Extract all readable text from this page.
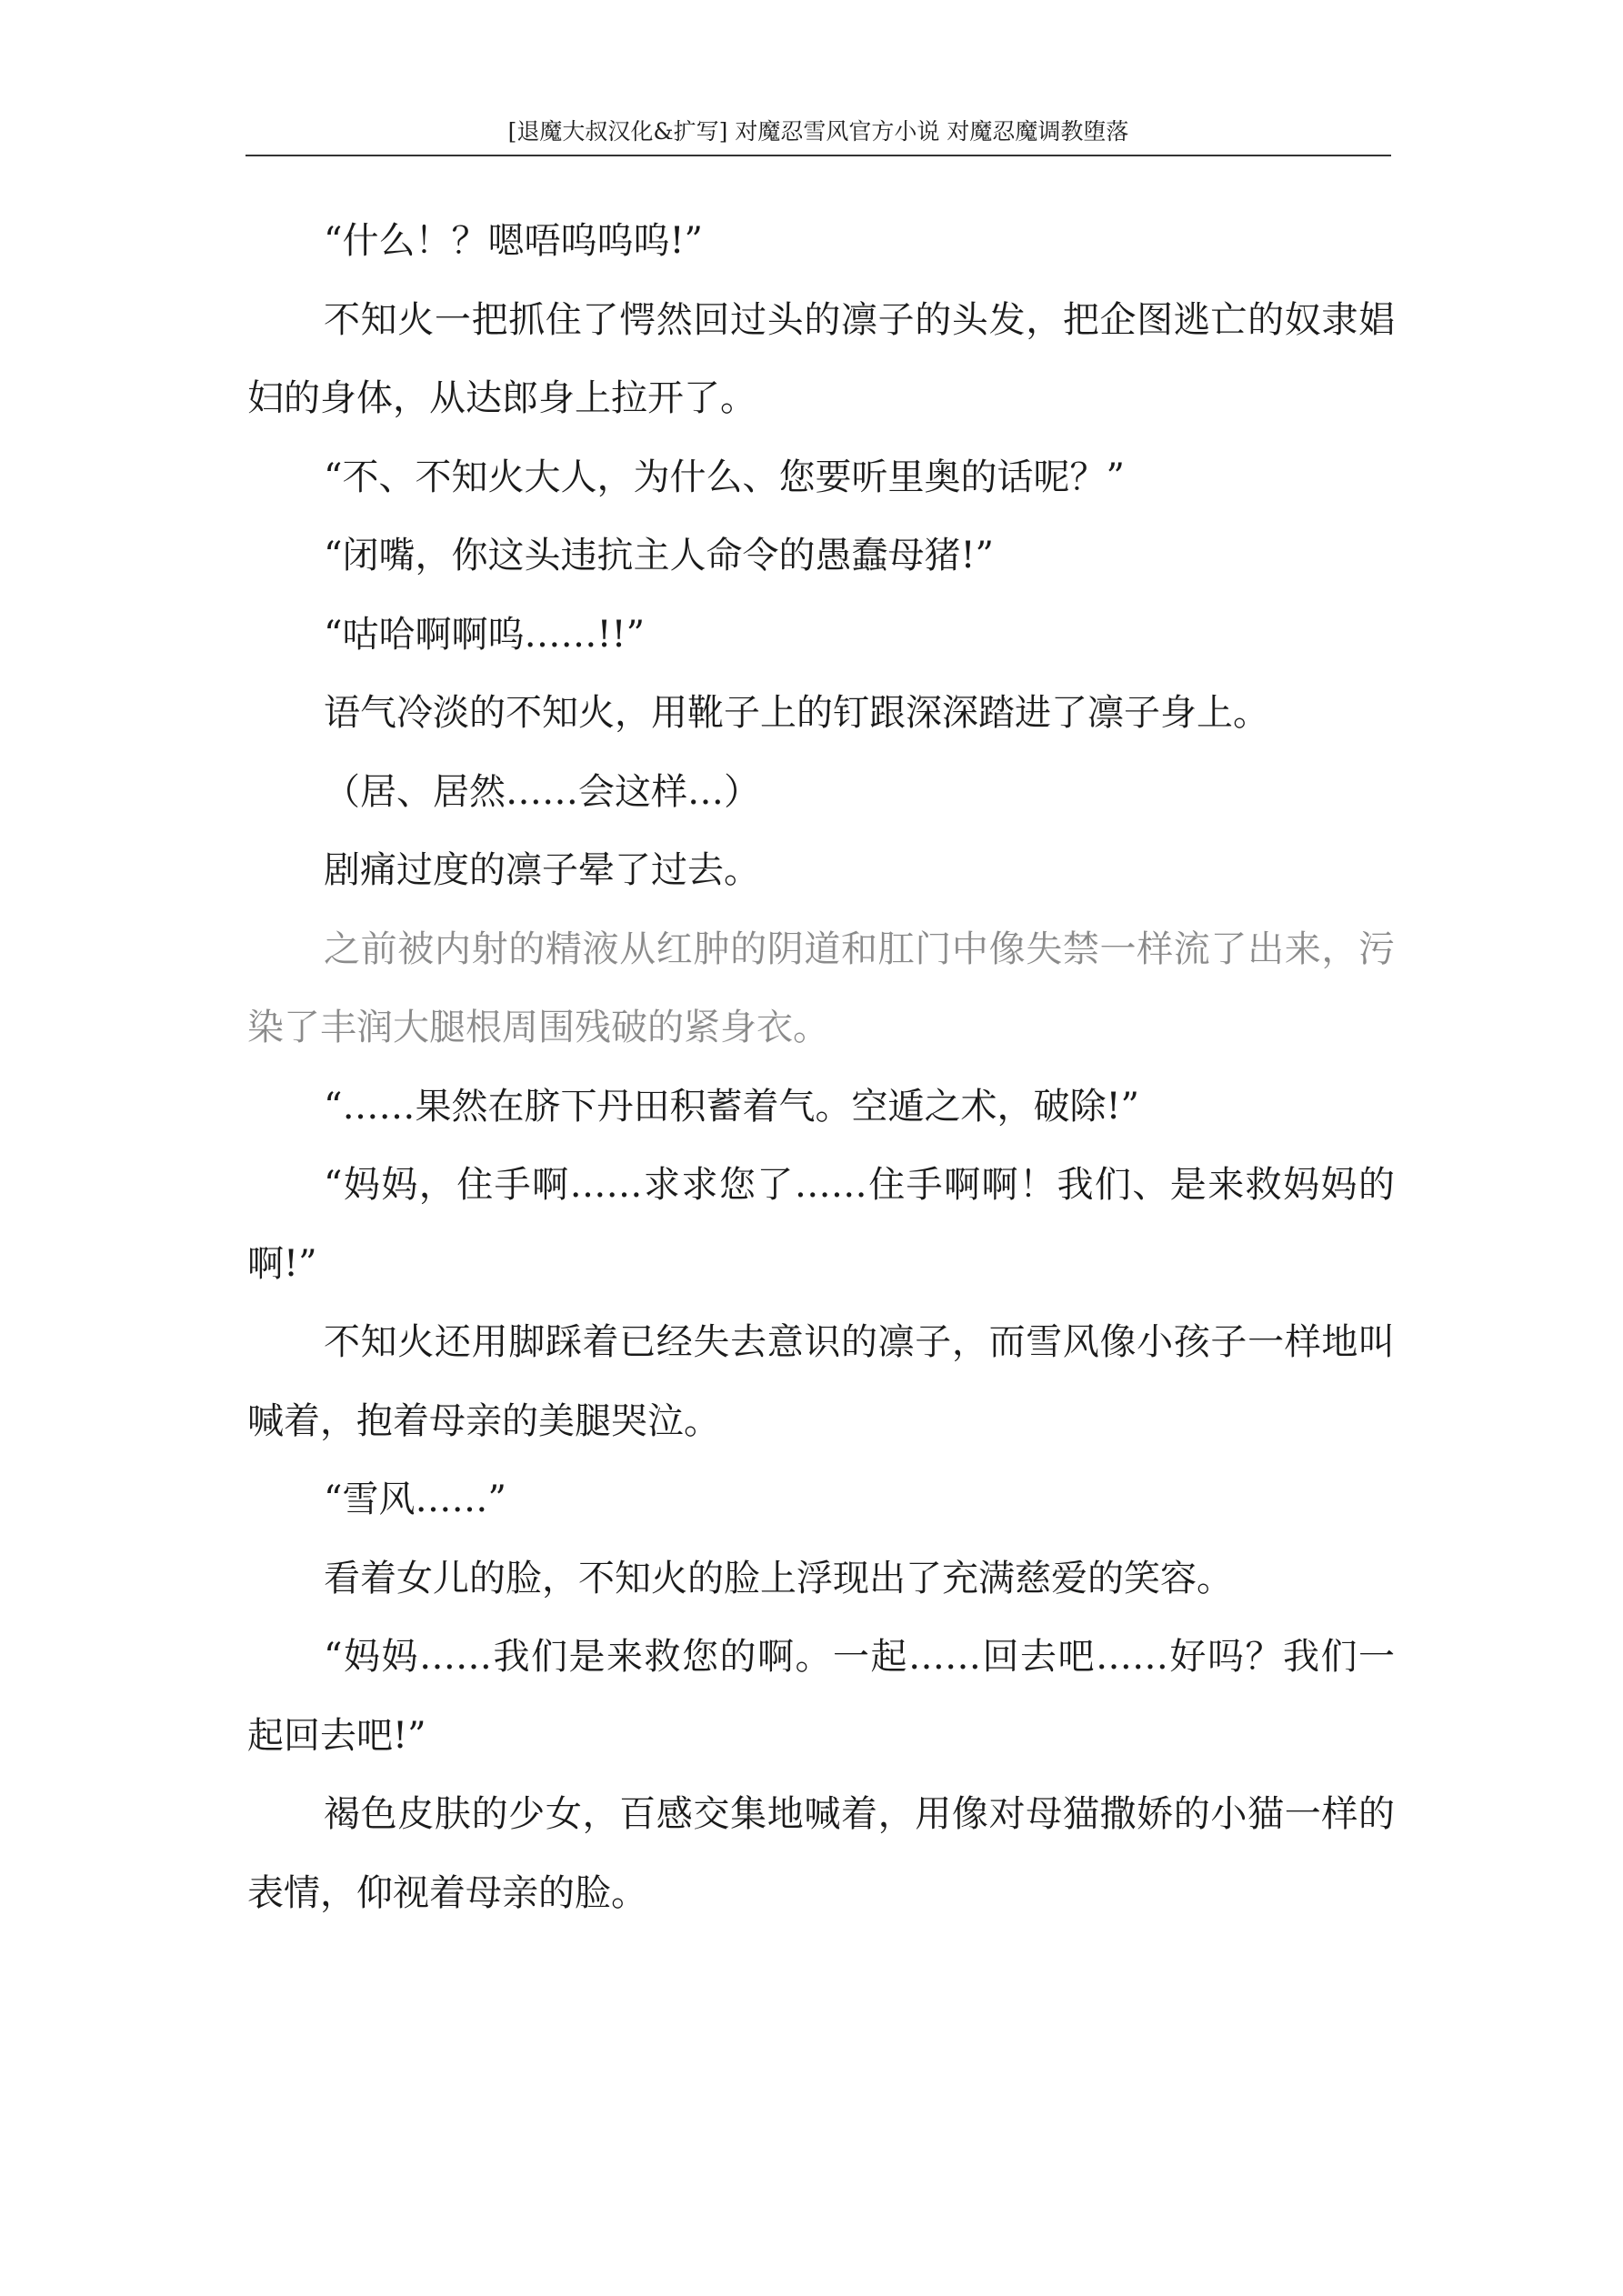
[退魔大叔汉化&扩写] 对魔忍雪风官方小说 对魔忍魔调教堕落

“什么！？嗯唔呜呜呜!”

不知火一把抓住了愕然回过头的凛子的头发，把企图逃亡的奴隶娼妇的身体，从达郎身上拉开了。

“不、不知火大人，为什么、您要听里奥的话呢？”

“闭嘴，你这头违抗主人命令的愚蠢母猪!”

“咕哈啊啊呜……!!”

语气冷淡的不知火，用靴子上的钉跟深深踏进了凛子身上。

（居、居然……会这样…）

剧痛过度的凛子晕了过去。

之前被内射的精液从红肿的阴道和肛门中像失禁一样流了出来，污染了丰润大腿根周围残破的紧身衣。

“……果然在脐下丹田积蓄着气。空遁之术，破除!”

“妈妈，住手啊……求求您了……住手啊啊！我们、是来救妈妈的啊!”

不知火还用脚踩着已经失去意识的凛子，而雪风像小孩子一样地叫喊着，抱着母亲的美腿哭泣。

“雪风……”

看着女儿的脸，不知火的脸上浮现出了充满慈爱的笑容。

“妈妈……我们是来救您的啊。一起……回去吧……好吗？我们一起回去吧!”

褐色皮肤的少女，百感交集地喊着，用像对母猫撒娇的小猫一样的表情，仰视着母亲的脸。
